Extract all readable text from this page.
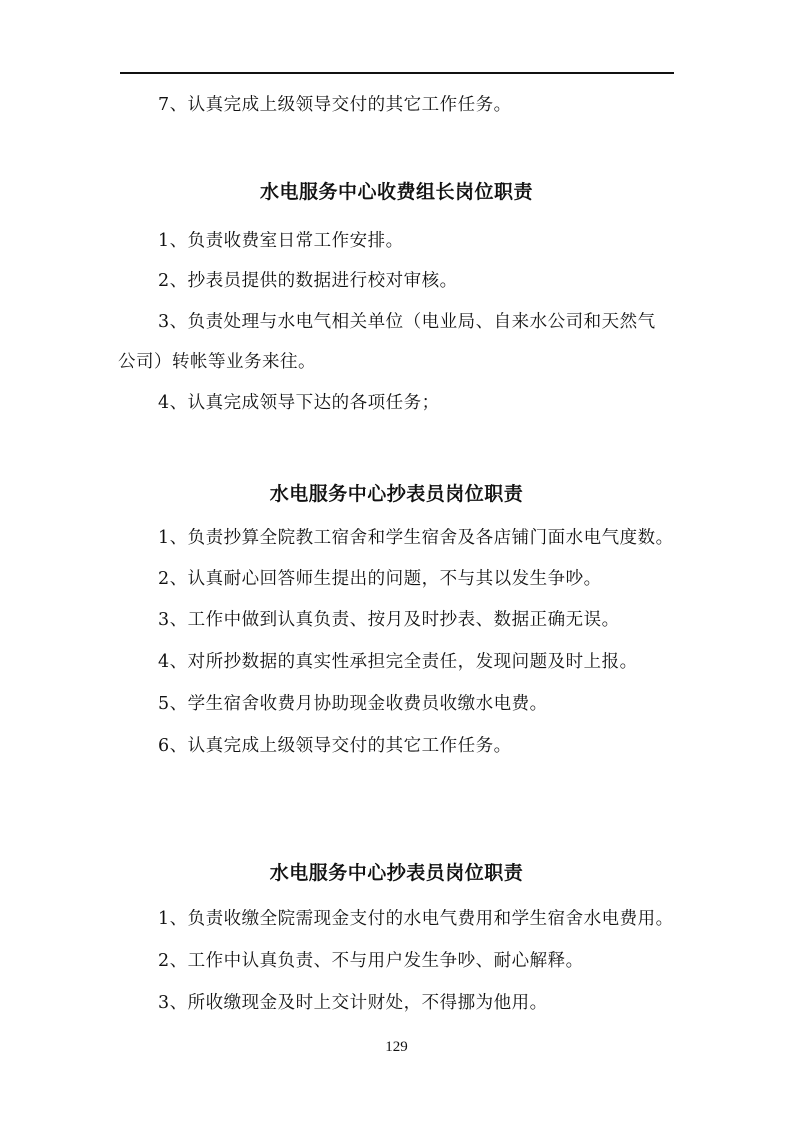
7、认真完成上级领导交付的其它工作任务。
水电服务中心收费组长岗位职责
1、负责收费室日常工作安排。
2、抄表员提供的数据进行校对审核。
3、负责处理与水电气相关单位（电业局、自来水公司和天然气
公司）转帐等业务来往。
4、认真完成领导下达的各项任务；
水电服务中心抄表员岗位职责
1、负责抄算全院教工宿舍和学生宿舍及各店铺门面水电气度数。
2、认真耐心回答师生提出的问题，不与其以发生争吵。
3、工作中做到认真负责、按月及时抄表、数据正确无误。
4、对所抄数据的真实性承担完全责任，发现问题及时上报。
5、学生宿舍收费月协助现金收费员收缴水电费。
6、认真完成上级领导交付的其它工作任务。
水电服务中心抄表员岗位职责
1、负责收缴全院需现金支付的水电气费用和学生宿舍水电费用。
2、工作中认真负责、不与用户发生争吵、耐心解释。
3、所收缴现金及时上交计财处，不得挪为他用。
129
